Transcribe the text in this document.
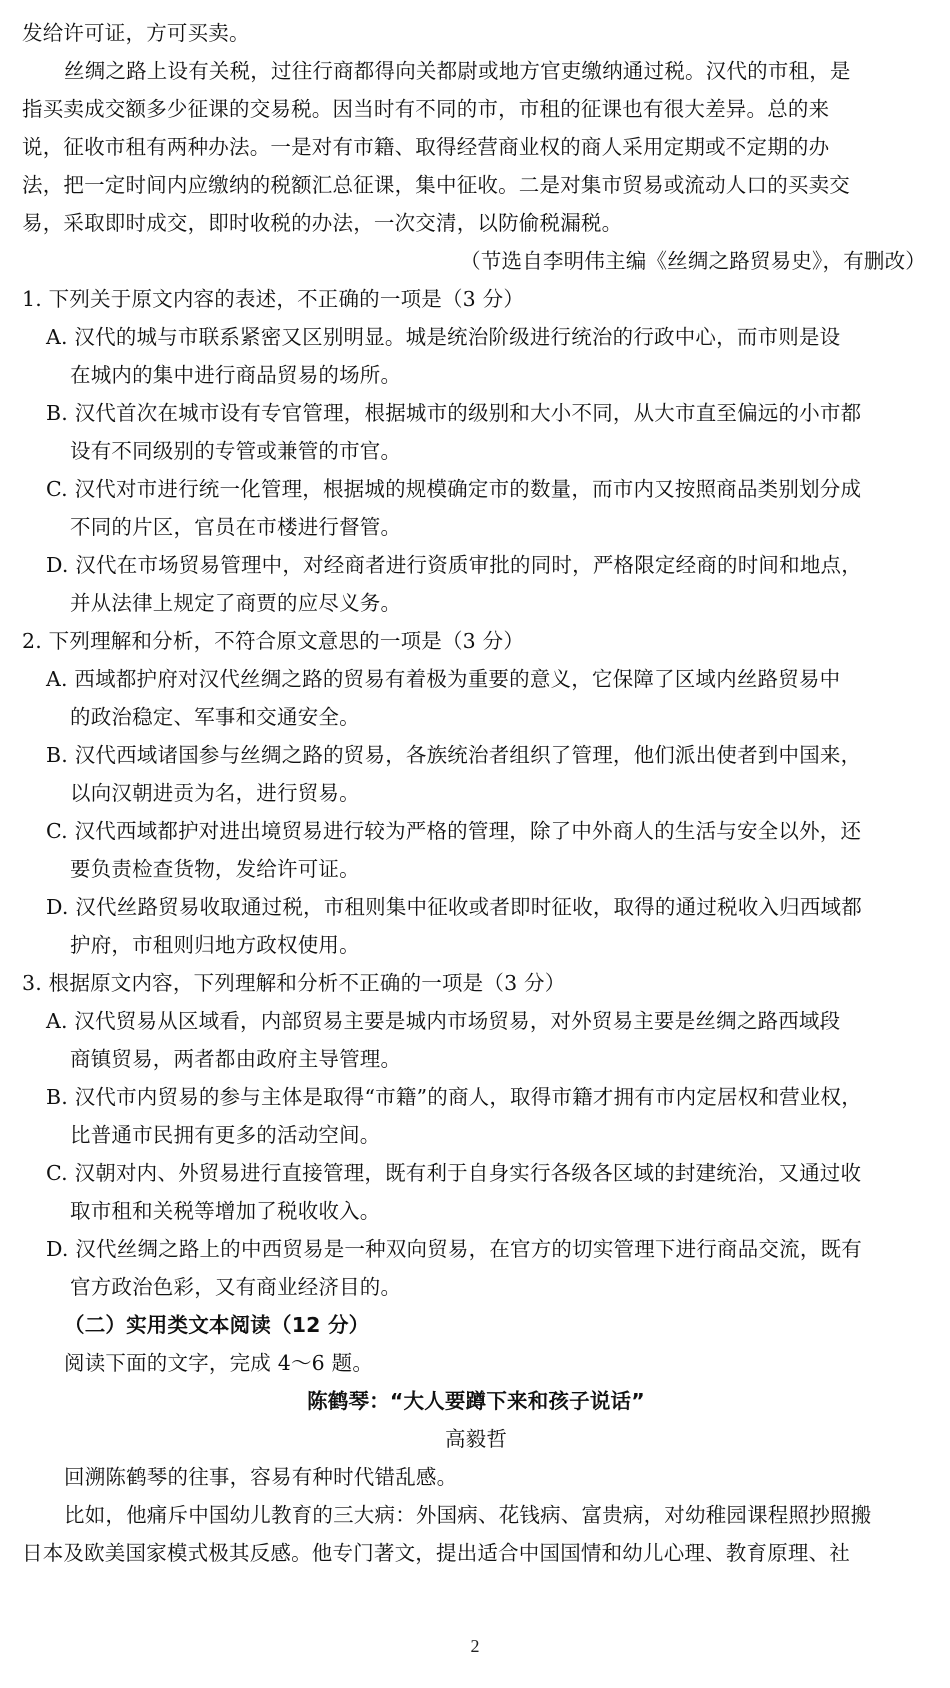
发给许可证，方可买卖。
丝绸之路上设有关税，过往行商都得向关都尉或地方官吏缴纳通过税。汉代的市租，是
指买卖成交额多少征课的交易税。因当时有不同的市，市租的征课也有很大差异。总的来
说，征收市租有两种办法。一是对有市籍、取得经营商业权的商人采用定期或不定期的办
法，把一定时间内应缴纳的税额汇总征课，集中征收。二是对集市贸易或流动人口的买卖交
易，采取即时成交，即时收税的办法，一次交清，以防偷税漏税。
（节选自李明伟主编《丝绸之路贸易史》，有删改）
1. 下列关于原文内容的表述，不正确的一项是（3 分）
A. 汉代的城与市联系紧密又区别明显。城是统治阶级进行统治的行政中心，而市则是设
在城内的集中进行商品贸易的场所。
B. 汉代首次在城市设有专官管理，根据城市的级别和大小不同，从大市直至偏远的小市都
设有不同级别的专管或兼管的市官。
C. 汉代对市进行统一化管理，根据城的规模确定市的数量，而市内又按照商品类别划分成
不同的片区，官员在市楼进行督管。
D. 汉代在市场贸易管理中，对经商者进行资质审批的同时，严格限定经商的时间和地点，
并从法律上规定了商贾的应尽义务。
2. 下列理解和分析，不符合原文意思的一项是（3 分）
A. 西域都护府对汉代丝绸之路的贸易有着极为重要的意义，它保障了区域内丝路贸易中
的政治稳定、军事和交通安全。
B. 汉代西域诸国参与丝绸之路的贸易，各族统治者组织了管理，他们派出使者到中国来，
以向汉朝进贡为名，进行贸易。
C. 汉代西域都护对进出境贸易进行较为严格的管理，除了中外商人的生活与安全以外，还
要负责检查货物，发给许可证。
D. 汉代丝路贸易收取通过税，市租则集中征收或者即时征收，取得的通过税收入归西域都
护府，市租则归地方政权使用。
3. 根据原文内容，下列理解和分析不正确的一项是（3 分）
A. 汉代贸易从区域看，内部贸易主要是城内市场贸易，对外贸易主要是丝绸之路西域段
商镇贸易，两者都由政府主导管理。
B. 汉代市内贸易的参与主体是取得“市籍”的商人，取得市籍才拥有市内定居权和营业权，
比普通市民拥有更多的活动空间。
C. 汉朝对内、外贸易进行直接管理，既有利于自身实行各级各区域的封建统治，又通过收
取市租和关税等增加了税收收入。
D. 汉代丝绸之路上的中西贸易是一种双向贸易，在官方的切实管理下进行商品交流，既有
官方政治色彩，又有商业经济目的。
（二）实用类文本阅读（12 分）
阅读下面的文字，完成 4～6 题。
陈鹤琴：“大人要蹲下来和孩子说话”
高毅哲
回溯陈鹤琴的往事，容易有种时代错乱感。
比如，他痛斥中国幼儿教育的三大病：外国病、花钱病、富贵病，对幼稚园课程照抄照搬
日本及欧美国家模式极其反感。他专门著文，提出适合中国国情和幼儿心理、教育原理、社
2
